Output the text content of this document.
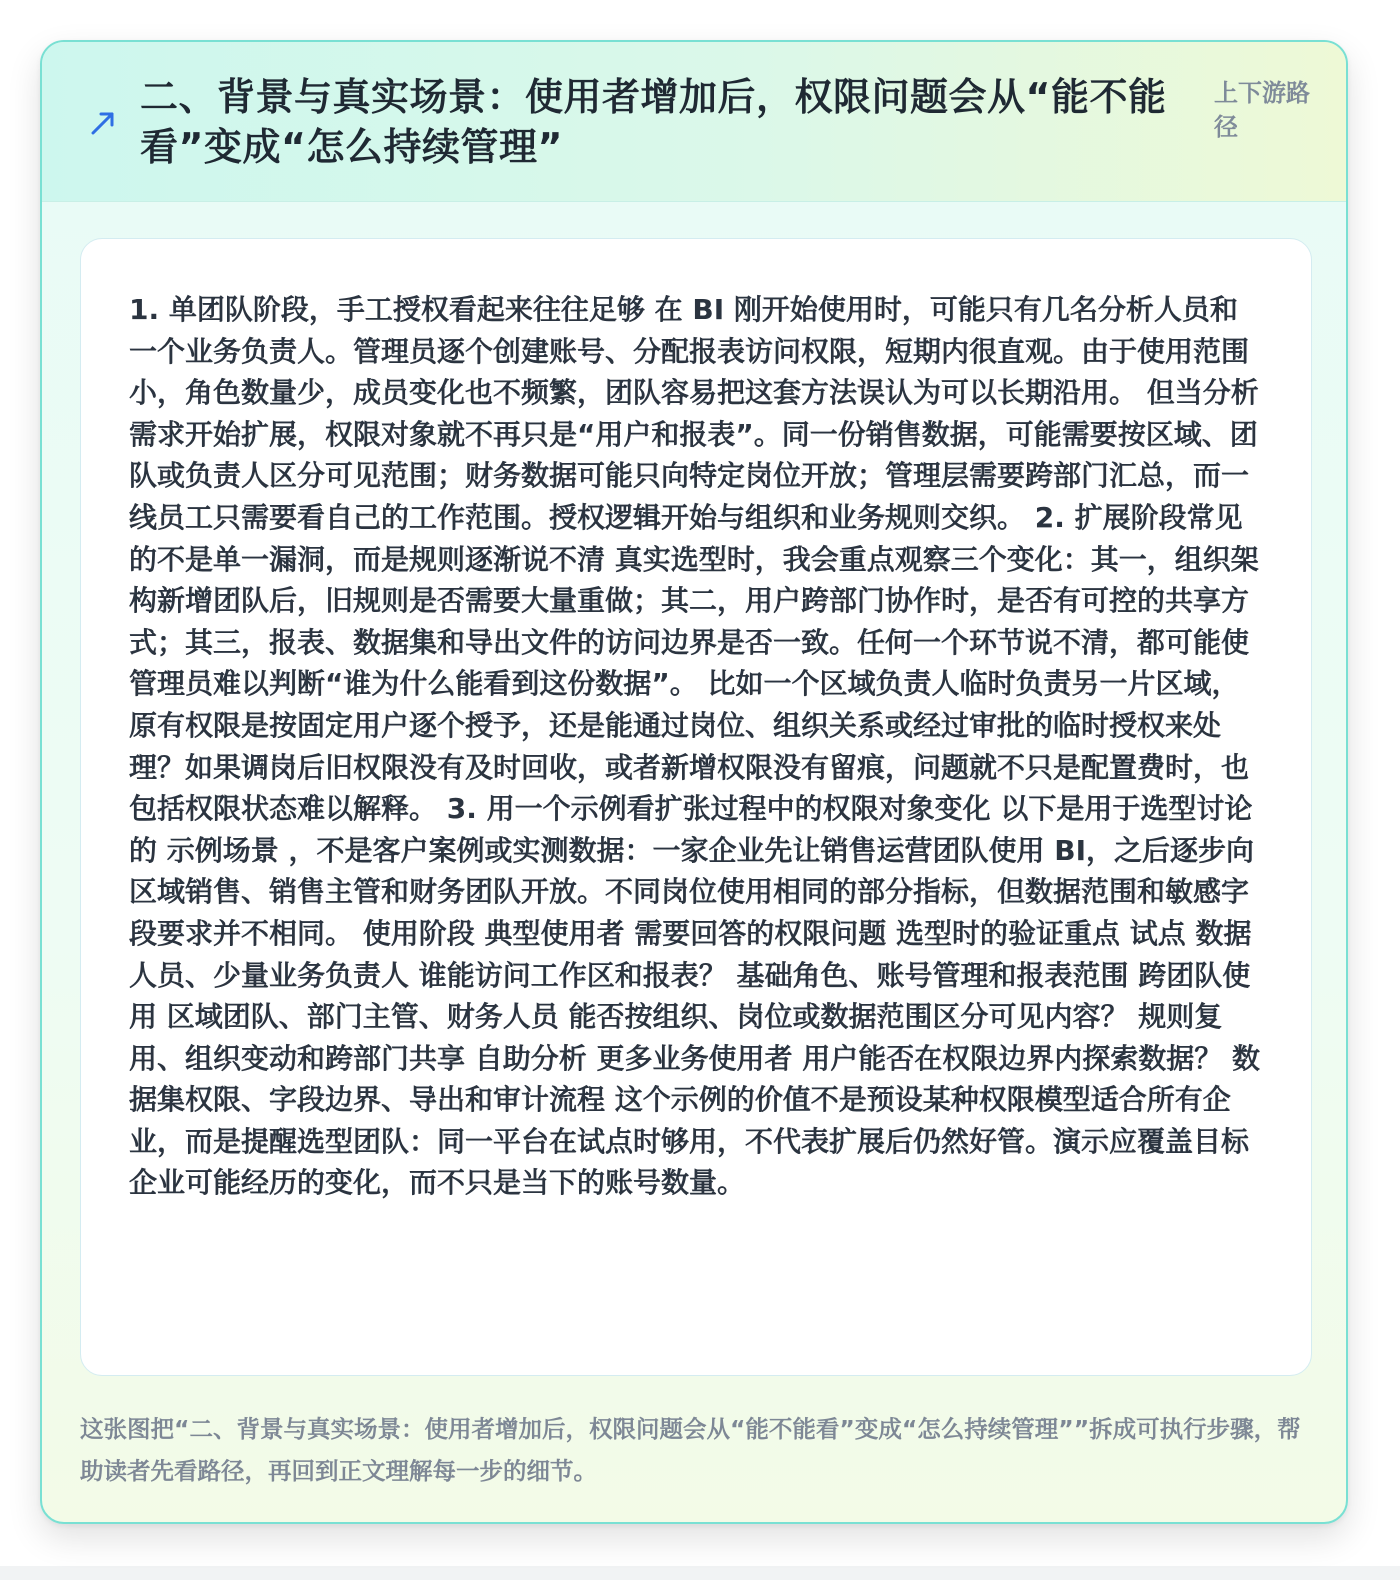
二、背景与真实场景：使用者增加后，权限问题会从“能不能看”变成“怎么持续管理”
上下游路径

1. 单团队阶段，手工授权看起来往往足够 在 BI 刚开始使用时，可能只有几名分析人员和一个业务负责人。管理员逐个创建账号、分配报表访问权限，短期内很直观。由于使用范围小，角色数量少，成员变化也不频繁，团队容易把这套方法误认为可以长期沿用。 但当分析需求开始扩展，权限对象就不再只是“用户和报表”。同一份销售数据，可能需要按区域、团队或负责人区分可见范围；财务数据可能只向特定岗位开放；管理层需要跨部门汇总，而一线员工只需要看自己的工作范围。授权逻辑开始与组织和业务规则交织。 2. 扩展阶段常见的不是单一漏洞，而是规则逐渐说不清 真实选型时，我会重点观察三个变化：其一，组织架构新增团队后，旧规则是否需要大量重做；其二，用户跨部门协作时，是否有可控的共享方式；其三，报表、数据集和导出文件的访问边界是否一致。任何一个环节说不清，都可能使管理员难以判断“谁为什么能看到这份数据”。 比如一个区域负责人临时负责另一片区域，原有权限是按固定用户逐个授予，还是能通过岗位、组织关系或经过审批的临时授权来处理？如果调岗后旧权限没有及时回收，或者新增权限没有留痕，问题就不只是配置费时，也包括权限状态难以解释。 3. 用一个示例看扩张过程中的权限对象变化 以下是用于选型讨论的 示例场景 ，不是客户案例或实测数据：一家企业先让销售运营团队使用 BI，之后逐步向区域销售、销售主管和财务团队开放。不同岗位使用相同的部分指标，但数据范围和敏感字段要求并不相同。 使用阶段 典型使用者 需要回答的权限问题 选型时的验证重点 试点 数据人员、少量业务负责人 谁能访问工作区和报表？ 基础角色、账号管理和报表范围 跨团队使用 区域团队、部门主管、财务人员 能否按组织、岗位或数据范围区分可见内容？ 规则复用、组织变动和跨部门共享 自助分析 更多业务使用者 用户能否在权限边界内探索数据？ 数据集权限、字段边界、导出和审计流程 这个示例的价值不是预设某种权限模型适合所有企业，而是提醒选型团队：同一平台在试点时够用，不代表扩展后仍然好管。演示应覆盖目标企业可能经历的变化，而不只是当下的账号数量。

这张图把“二、背景与真实场景：使用者增加后，权限问题会从“能不能看”变成“怎么持续管理””拆成可执行步骤，帮助读者先看路径，再回到正文理解每一步的细节。
